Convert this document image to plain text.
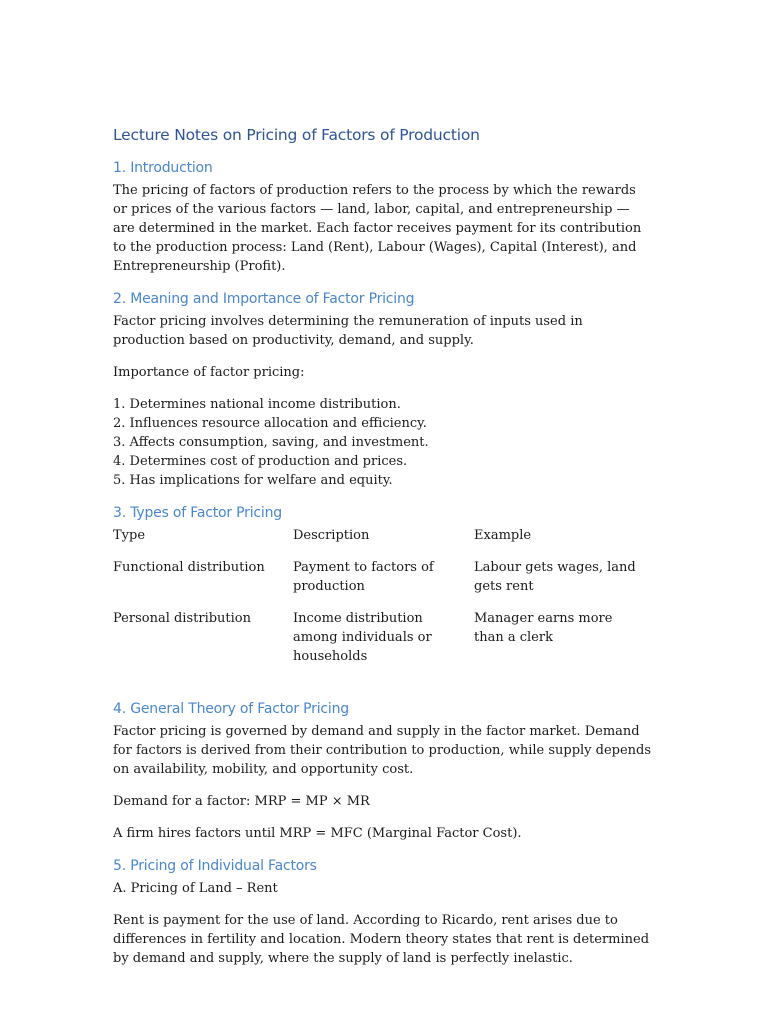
Lecture Notes on Pricing of Factors of Production
1. Introduction

The pricing of factors of production refers to the process by which the rewards or prices of the various factors — land, labor, capital, and entrepreneurship — are determined in the market. Each factor receives payment for its contribution to the production process: Land (Rent), Labour (Wages), Capital (Interest), and Entrepreneurship (Profit).

2. Meaning and Importance of Factor Pricing

Factor pricing involves determining the remuneration of inputs used in production based on productivity, demand, and supply.

Importance of factor pricing:

1. Determines national income distribution.
2. Influences resource allocation and efficiency.
3. Affects consumption, saving, and investment.
4. Determines cost of production and prices.
5. Has implications for welfare and equity.
3. Types of Factor Pricing
Type	Description	Example

Functional distribution	Payment to factors of production	Labour gets wages, land gets rent

Personal distribution	Income distribution among individuals or households	Manager earns more than a clerk
4. General Theory of Factor Pricing

Factor pricing is governed by demand and supply in the factor market. Demand for factors is derived from their contribution to production, while supply depends on availability, mobility, and opportunity cost.

Demand for a factor: MRP = MP × MR

A firm hires factors until MRP = MFC (Marginal Factor Cost).

5. Pricing of Individual Factors

A. Pricing of Land – Rent

Rent is payment for the use of land. According to Ricardo, rent arises due to differences in fertility and location. Modern theory states that rent is determined by demand and supply, where the supply of land is perfectly inelastic.
